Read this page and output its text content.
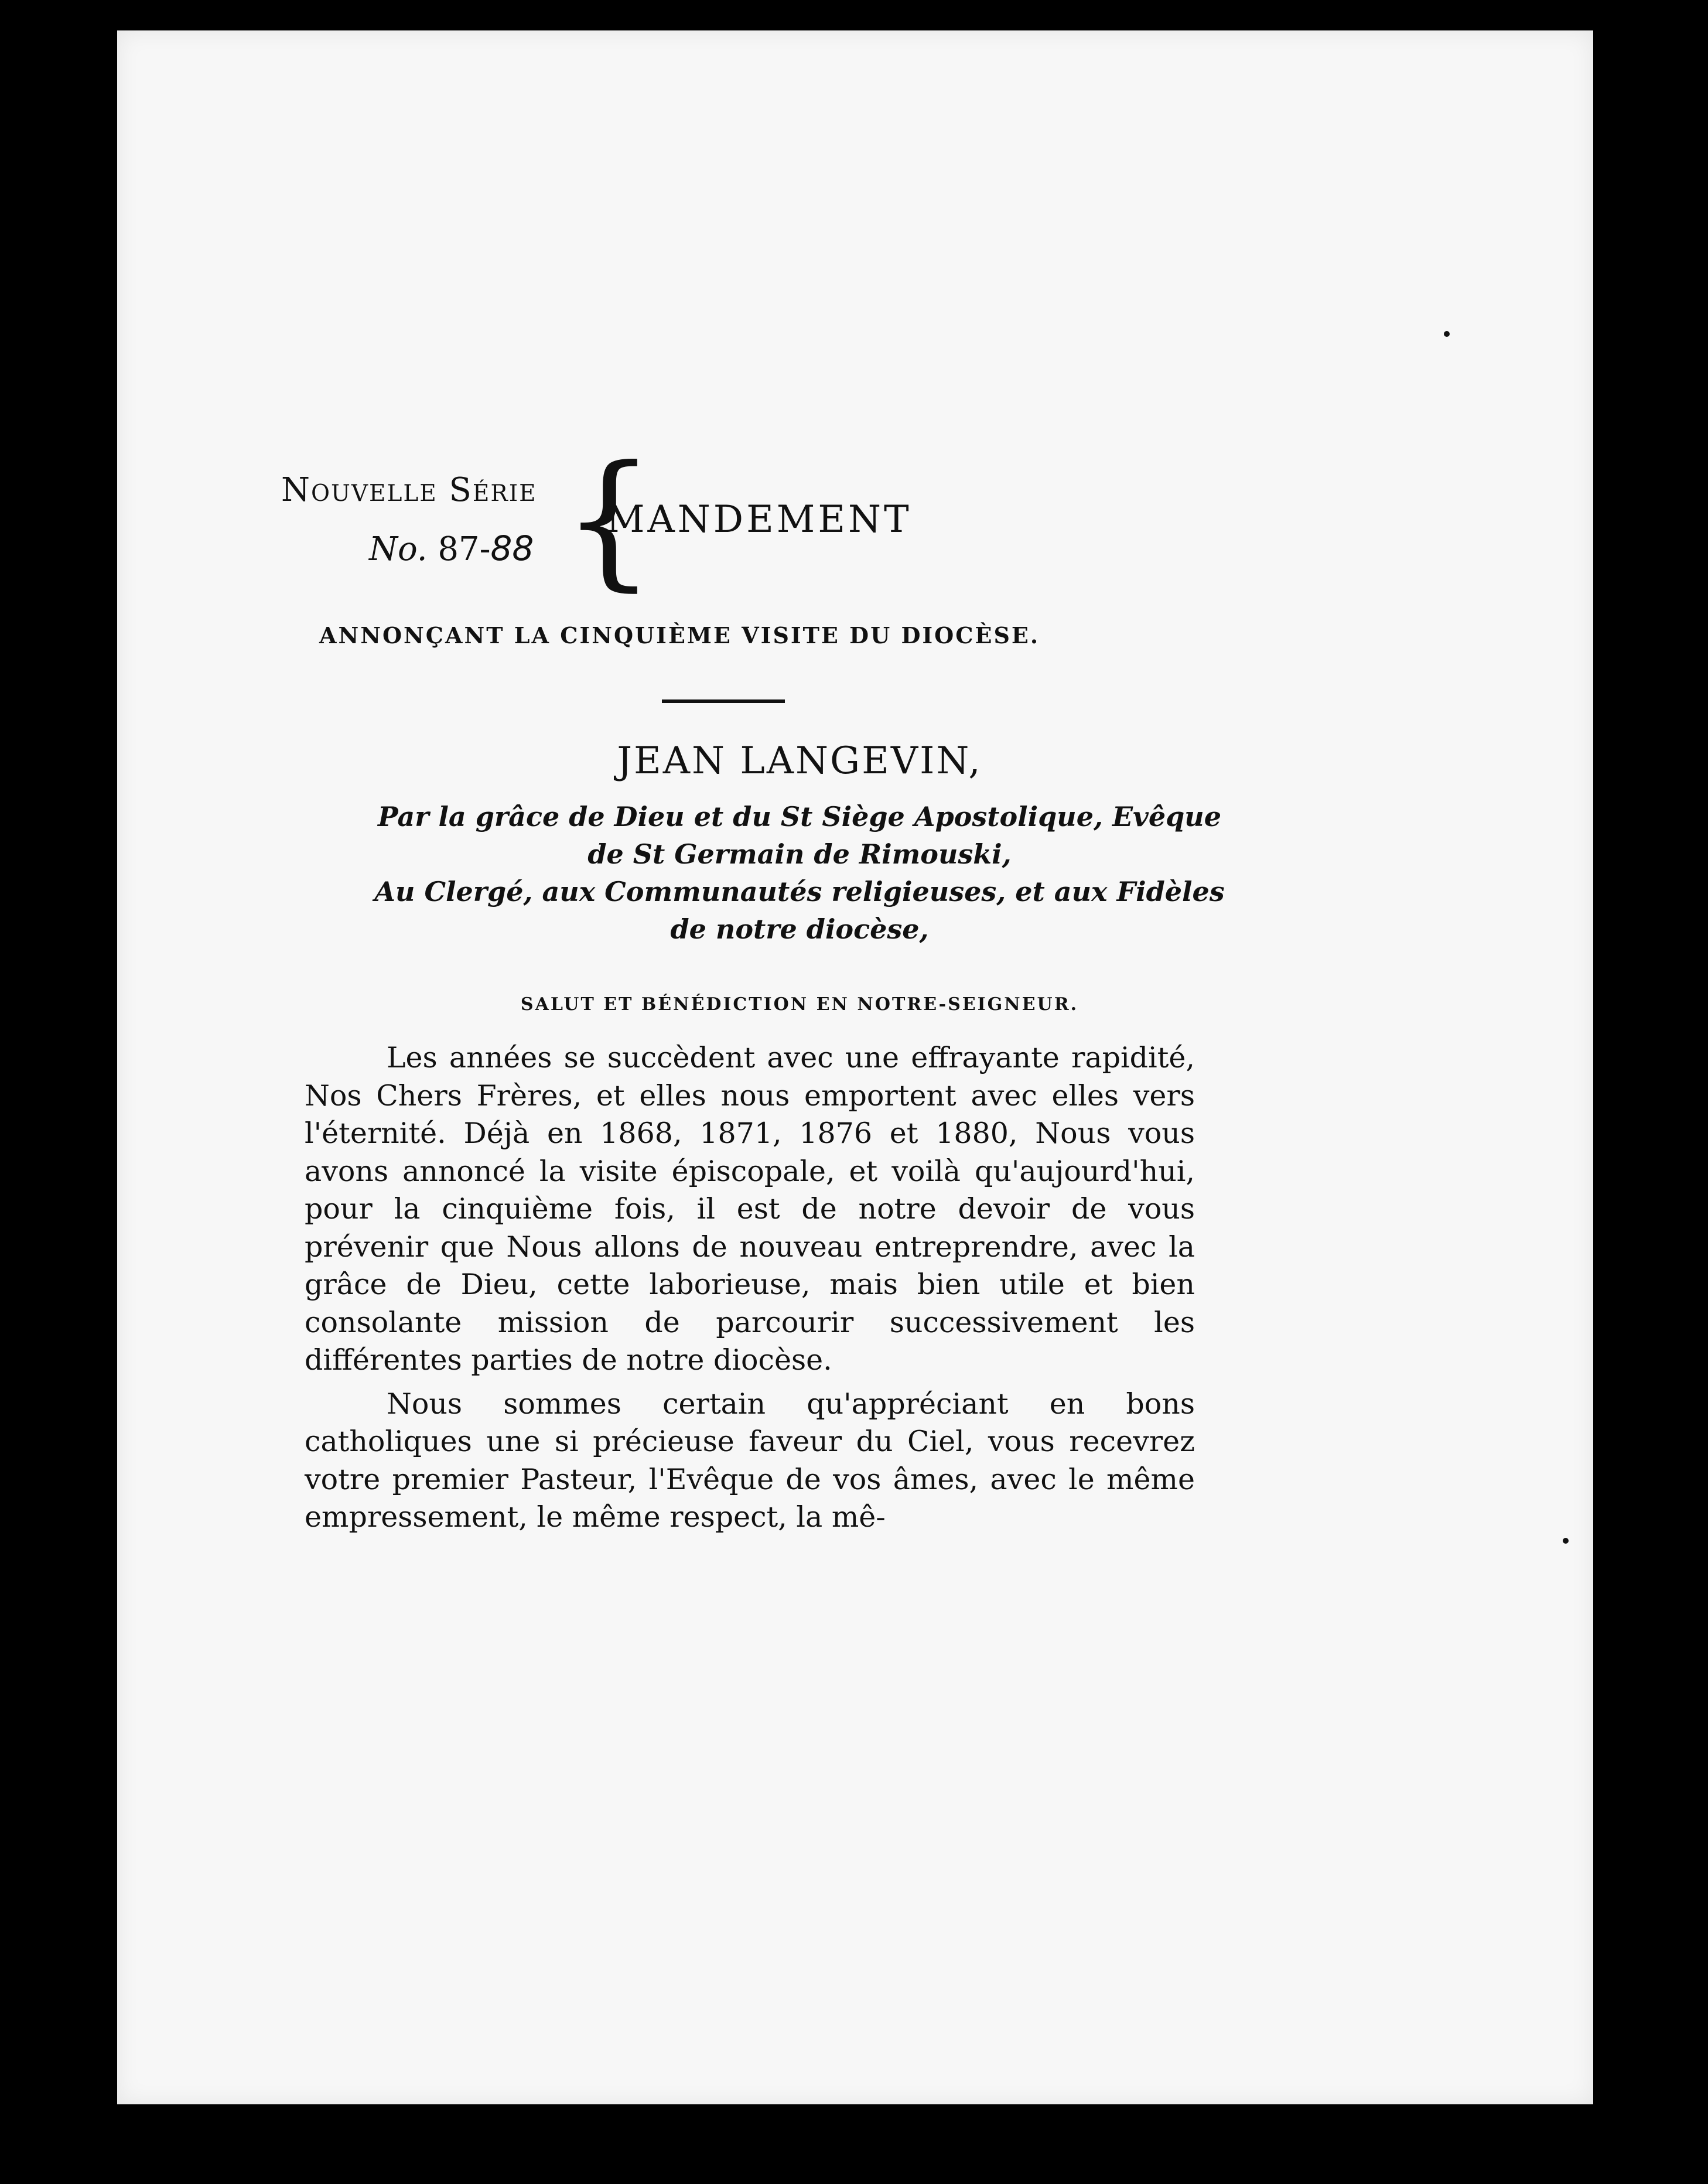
Nouvelle Série
No. 87-88 {
MANDEMENT
ANNONÇANT LA CINQUIÈME VISITE DU DIOCÈSE.
JEAN LANGEVIN,
Par la grâce de Dieu et du St Siège Apostolique, Evêque
de St Germain de Rimouski,
Au Clergé, aux Communautés religieuses, et aux Fidèles
de notre diocèse,
SALUT ET BÉNÉDICTION EN NOTRE-SEIGNEUR.

Les années se succèdent avec une effrayante rapidité, Nos Chers Frères, et elles nous emportent avec elles vers l'éternité. Déjà en 1868, 1871, 1876 et 1880, Nous vous avons annoncé la visite épiscopale, et voilà qu'aujourd'hui, pour la cinquième fois, il est de notre devoir de vous prévenir que Nous allons de nouveau entreprendre, avec la grâce de Dieu, cette laborieuse, mais bien utile et bien consolante mission de parcourir successivement les différentes parties de notre diocèse.

Nous sommes certain qu'appréciant en bons catholiques une si précieuse faveur du Ciel, vous recevrez votre premier Pasteur, l'Evêque de vos âmes, avec le même empressement, le même respect, la mê-
